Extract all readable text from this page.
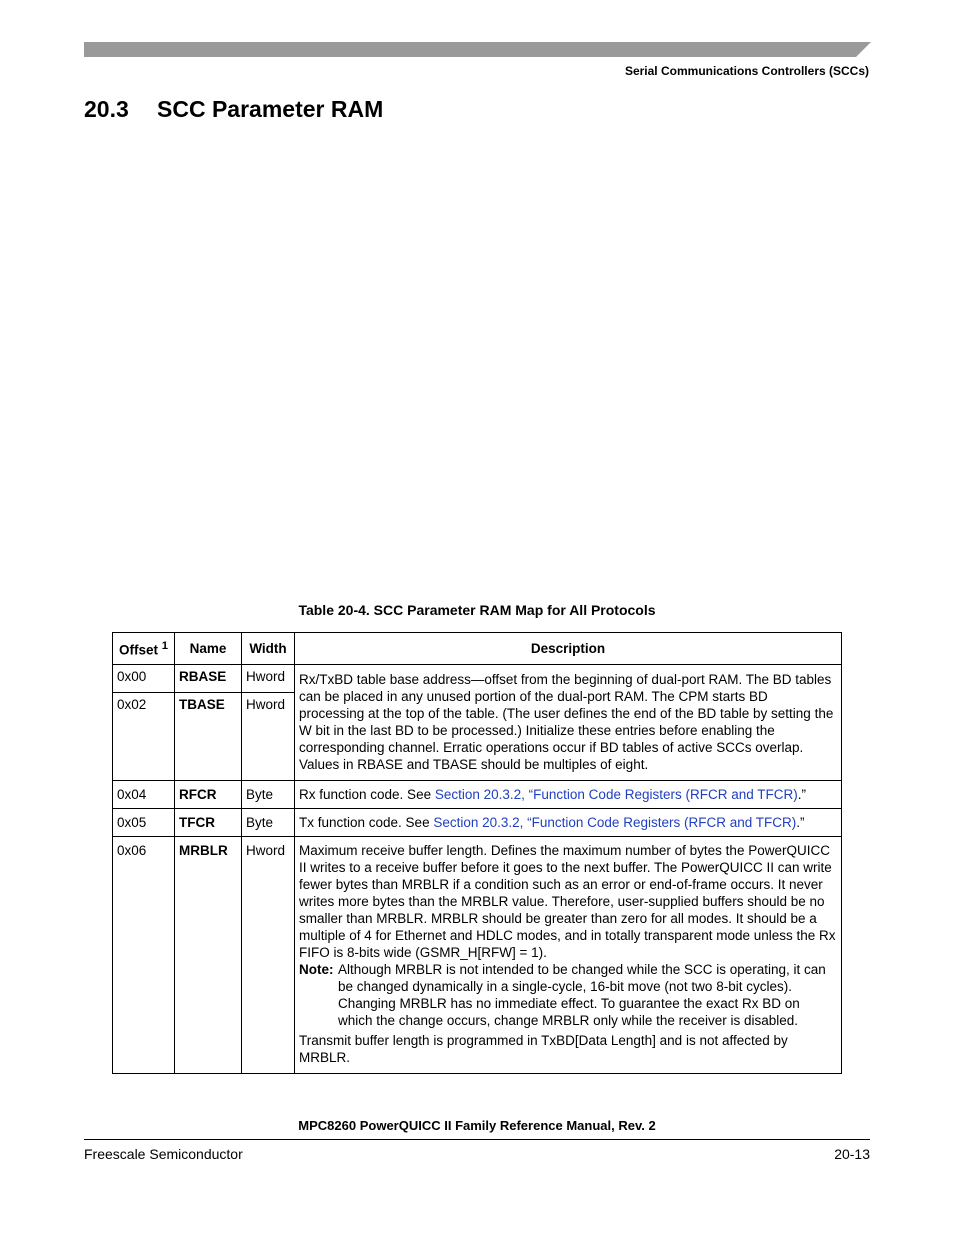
Serial Communications Controllers (SCCs)
20.3 SCC Parameter RAM
Table 20-4. SCC Parameter RAM Map for All Protocols
Offset $^1$	Name	Width	Description
0x00	RBASE	Hword	Rx/TxBD table base address—offset from the beginning of dual-port RAM. The BD tables can be placed in any unused portion of the dual-port RAM. The CPM starts BD processing at the top of the table. (The user defines the end of the BD table by setting the W bit in the last BD to be processed.) Initialize these entries before enabling the corresponding channel. Erratic operations occur if BD tables of active SCCs overlap. Values in RBASE and TBASE should be multiples of eight.
0x02	TBASE	Hword	
0x04	RFCR	Byte	Rx function code. See Section 20.3.2, “Function Code Registers (RFCR and TFCR).”
0x05	TFCR	Byte	Tx function code. See Section 20.3.2, “Function Code Registers (RFCR and TFCR).”
0x06	MRBLR	Hword	Maximum receive buffer length. Defines the maximum number of bytes the PowerQUICC II writes to a receive buffer before it goes to the next buffer. The PowerQUICC II can write fewer bytes than MRBLR if a condition such as an error or end-of-frame occurs. It never writes more bytes than the MRBLR value. Therefore, user-supplied buffers should be no smaller than MRBLR. MRBLR should be greater than zero for all modes. It should be a multiple of 4 for Ethernet and HDLC modes, and in totally transparent mode unless the Rx FIFO is 8-bits wide (GSMR_H[RFW] = 1).
Note: Although MRBLR is not intended to be changed while the SCC is operating, it can be changed dynamically in a single-cycle, 16-bit move (not two 8-bit cycles). Changing MRBLR has no immediate effect. To guarantee the exact Rx BD on which the change occurs, change MRBLR only while the receiver is disabled.
Transmit buffer length is programmed in TxBD[Data Length] and is not affected by MRBLR.
MPC8260 PowerQUICC II Family Reference Manual, Rev. 2
Freescale Semiconductor	20-13
